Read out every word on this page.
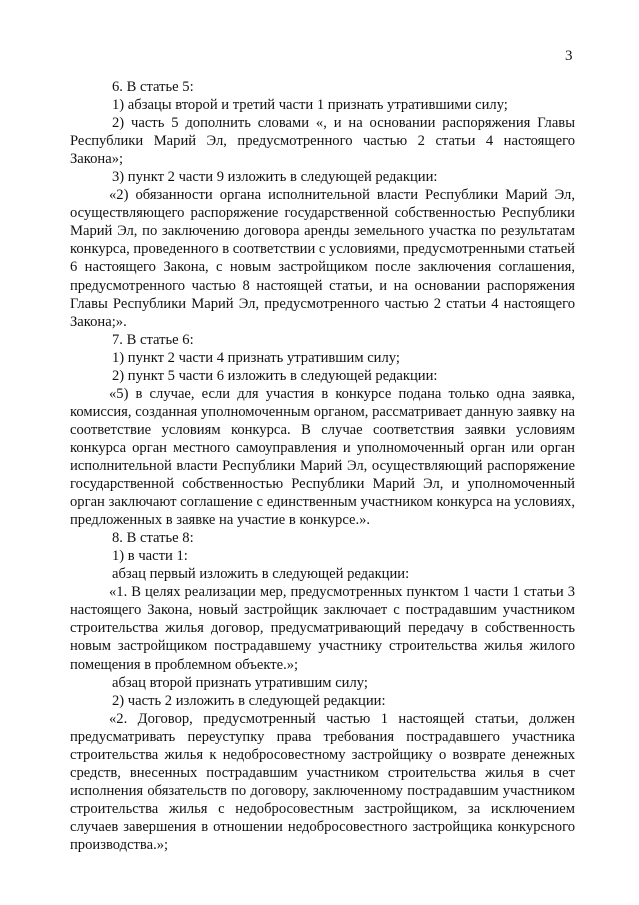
3

6. В статье 5:

1) абзацы второй и третий части 1 признать утратившими силу;

2) часть 5 дополнить словами «, и на основании распоряжения Главы Республики Марий Эл, предусмотренного частью 2 статьи 4 настоящего Закона»;

3) пункт 2 части 9 изложить в следующей редакции:

«2) обязанности органа исполнительной власти Республики Марий Эл, осуществляющего распоряжение государственной собственностью Республики Марий Эл, по заключению договора аренды земельного участка по результатам конкурса, проведенного в соответствии с условиями, предусмотренными статьей 6 настоящего Закона, с новым застройщиком после заключения соглашения, предусмотренного частью 8 настоящей статьи, и на основании распоряжения Главы Республики Марий Эл, предусмотренного частью 2 статьи 4 настоящего Закона;».

7. В статье 6:

1) пункт 2 части 4 признать утратившим силу;

2) пункт 5 части 6 изложить в следующей редакции:

«5) в случае, если для участия в конкурсе подана только одна заявка, комиссия, созданная уполномоченным органом, рассматривает данную заявку на соответствие условиям конкурса. В случае соответствия заявки условиям конкурса орган местного самоуправления и уполномоченный орган или орган исполнительной власти Республики Марий Эл, осуществляющий распоряжение государственной собственностью Республики Марий Эл, и уполномоченный орган заключают соглашение с единственным участником конкурса на условиях, предложенных в заявке на участие в конкурсе.».

8. В статье 8:

1) в части 1:

абзац первый изложить в следующей редакции:

«1. В целях реализации мер, предусмотренных пунктом 1 части 1 статьи 3 настоящего Закона, новый застройщик заключает с пострадавшим участником строительства жилья договор, предусматривающий передачу в собственность новым застройщиком пострадавшему участнику строительства жилья жилого помещения в проблемном объекте.»;

абзац второй признать утратившим силу;

2) часть 2 изложить в следующей редакции:

«2. Договор, предусмотренный частью 1 настоящей статьи, должен предусматривать переуступку права требования пострадавшего участника строительства жилья к недобросовестному застройщику о возврате денежных средств, внесенных пострадавшим участником строительства жилья в счет исполнения обязательств по договору, заключенному пострадавшим участником строительства жилья с недобросовестным застройщиком, за исключением случаев завершения в отношении недобросовестного застройщика конкурсного производства.»;
